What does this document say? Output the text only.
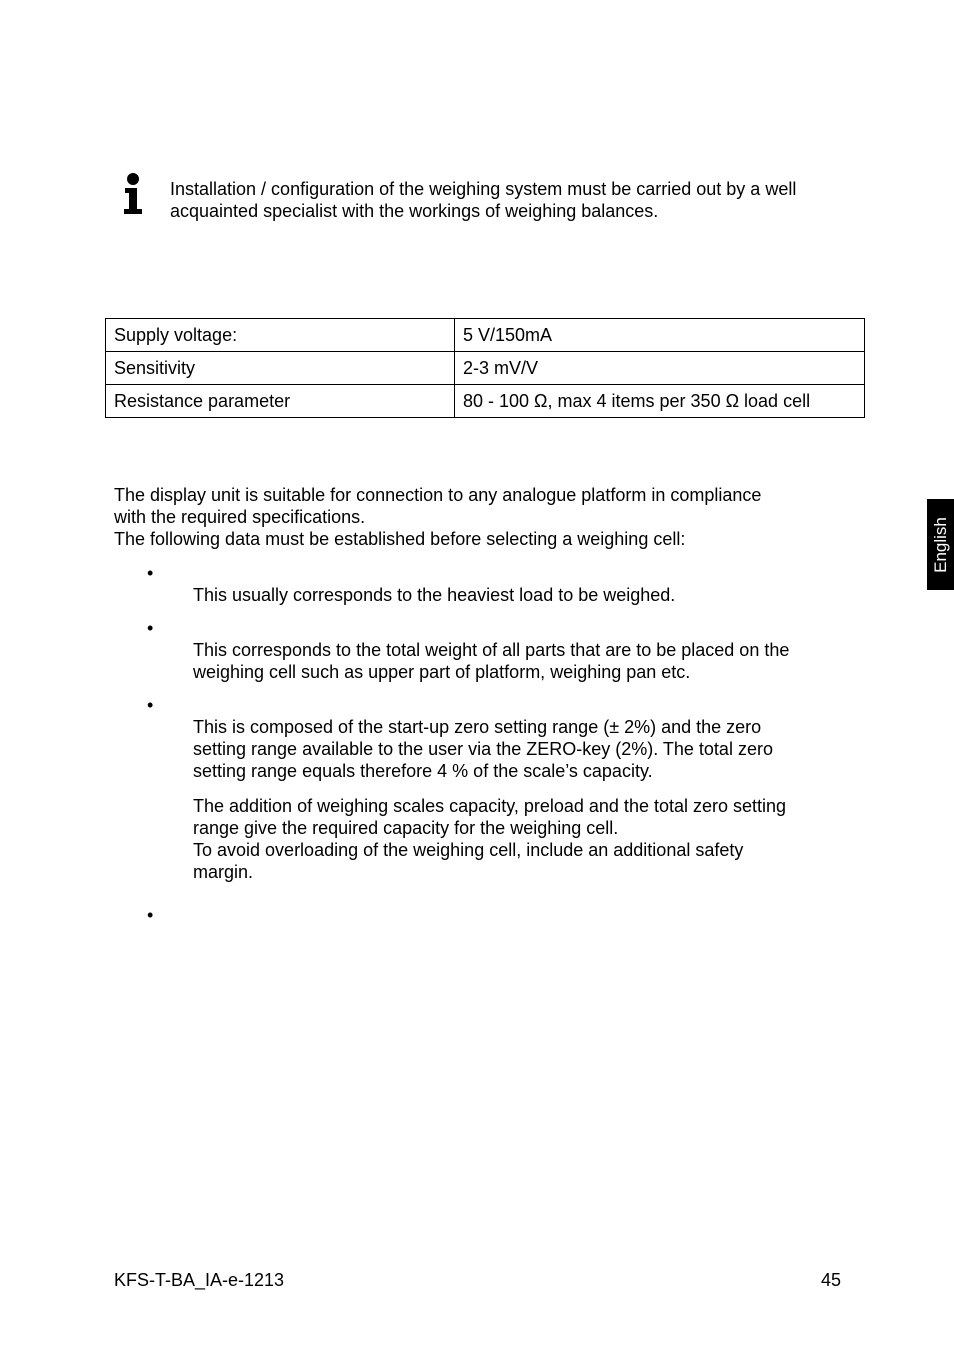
Installation / configuration of the weighing system must be carried out by a well
acquainted specialist with the workings of weighing balances.
Supply voltage:	5 V/150mA
Sensitivity	2-3 mV/V
Resistance parameter	80 - 100 Ω, max 4 items per 350 Ω load cell
The display unit is suitable for connection to any analogue platform in compliance
with the required specifications.
The following data must be established before selecting a weighing cell:
•
This usually corresponds to the heaviest load to be weighed.
•
This corresponds to the total weight of all parts that are to be placed on the
weighing cell such as upper part of platform, weighing pan etc.
•
This is composed of the start-up zero setting range (± 2%) and the zero
setting range available to the user via the ZERO-key (2%). The total zero
setting range equals therefore 4 % of the scale’s capacity.
The addition of weighing scales capacity, preload and the total zero setting
range give the required capacity for the weighing cell.
To avoid overloading of the weighing cell, include an additional safety
margin.
•
English
KFS-T-BA_IA-e-1213	45
